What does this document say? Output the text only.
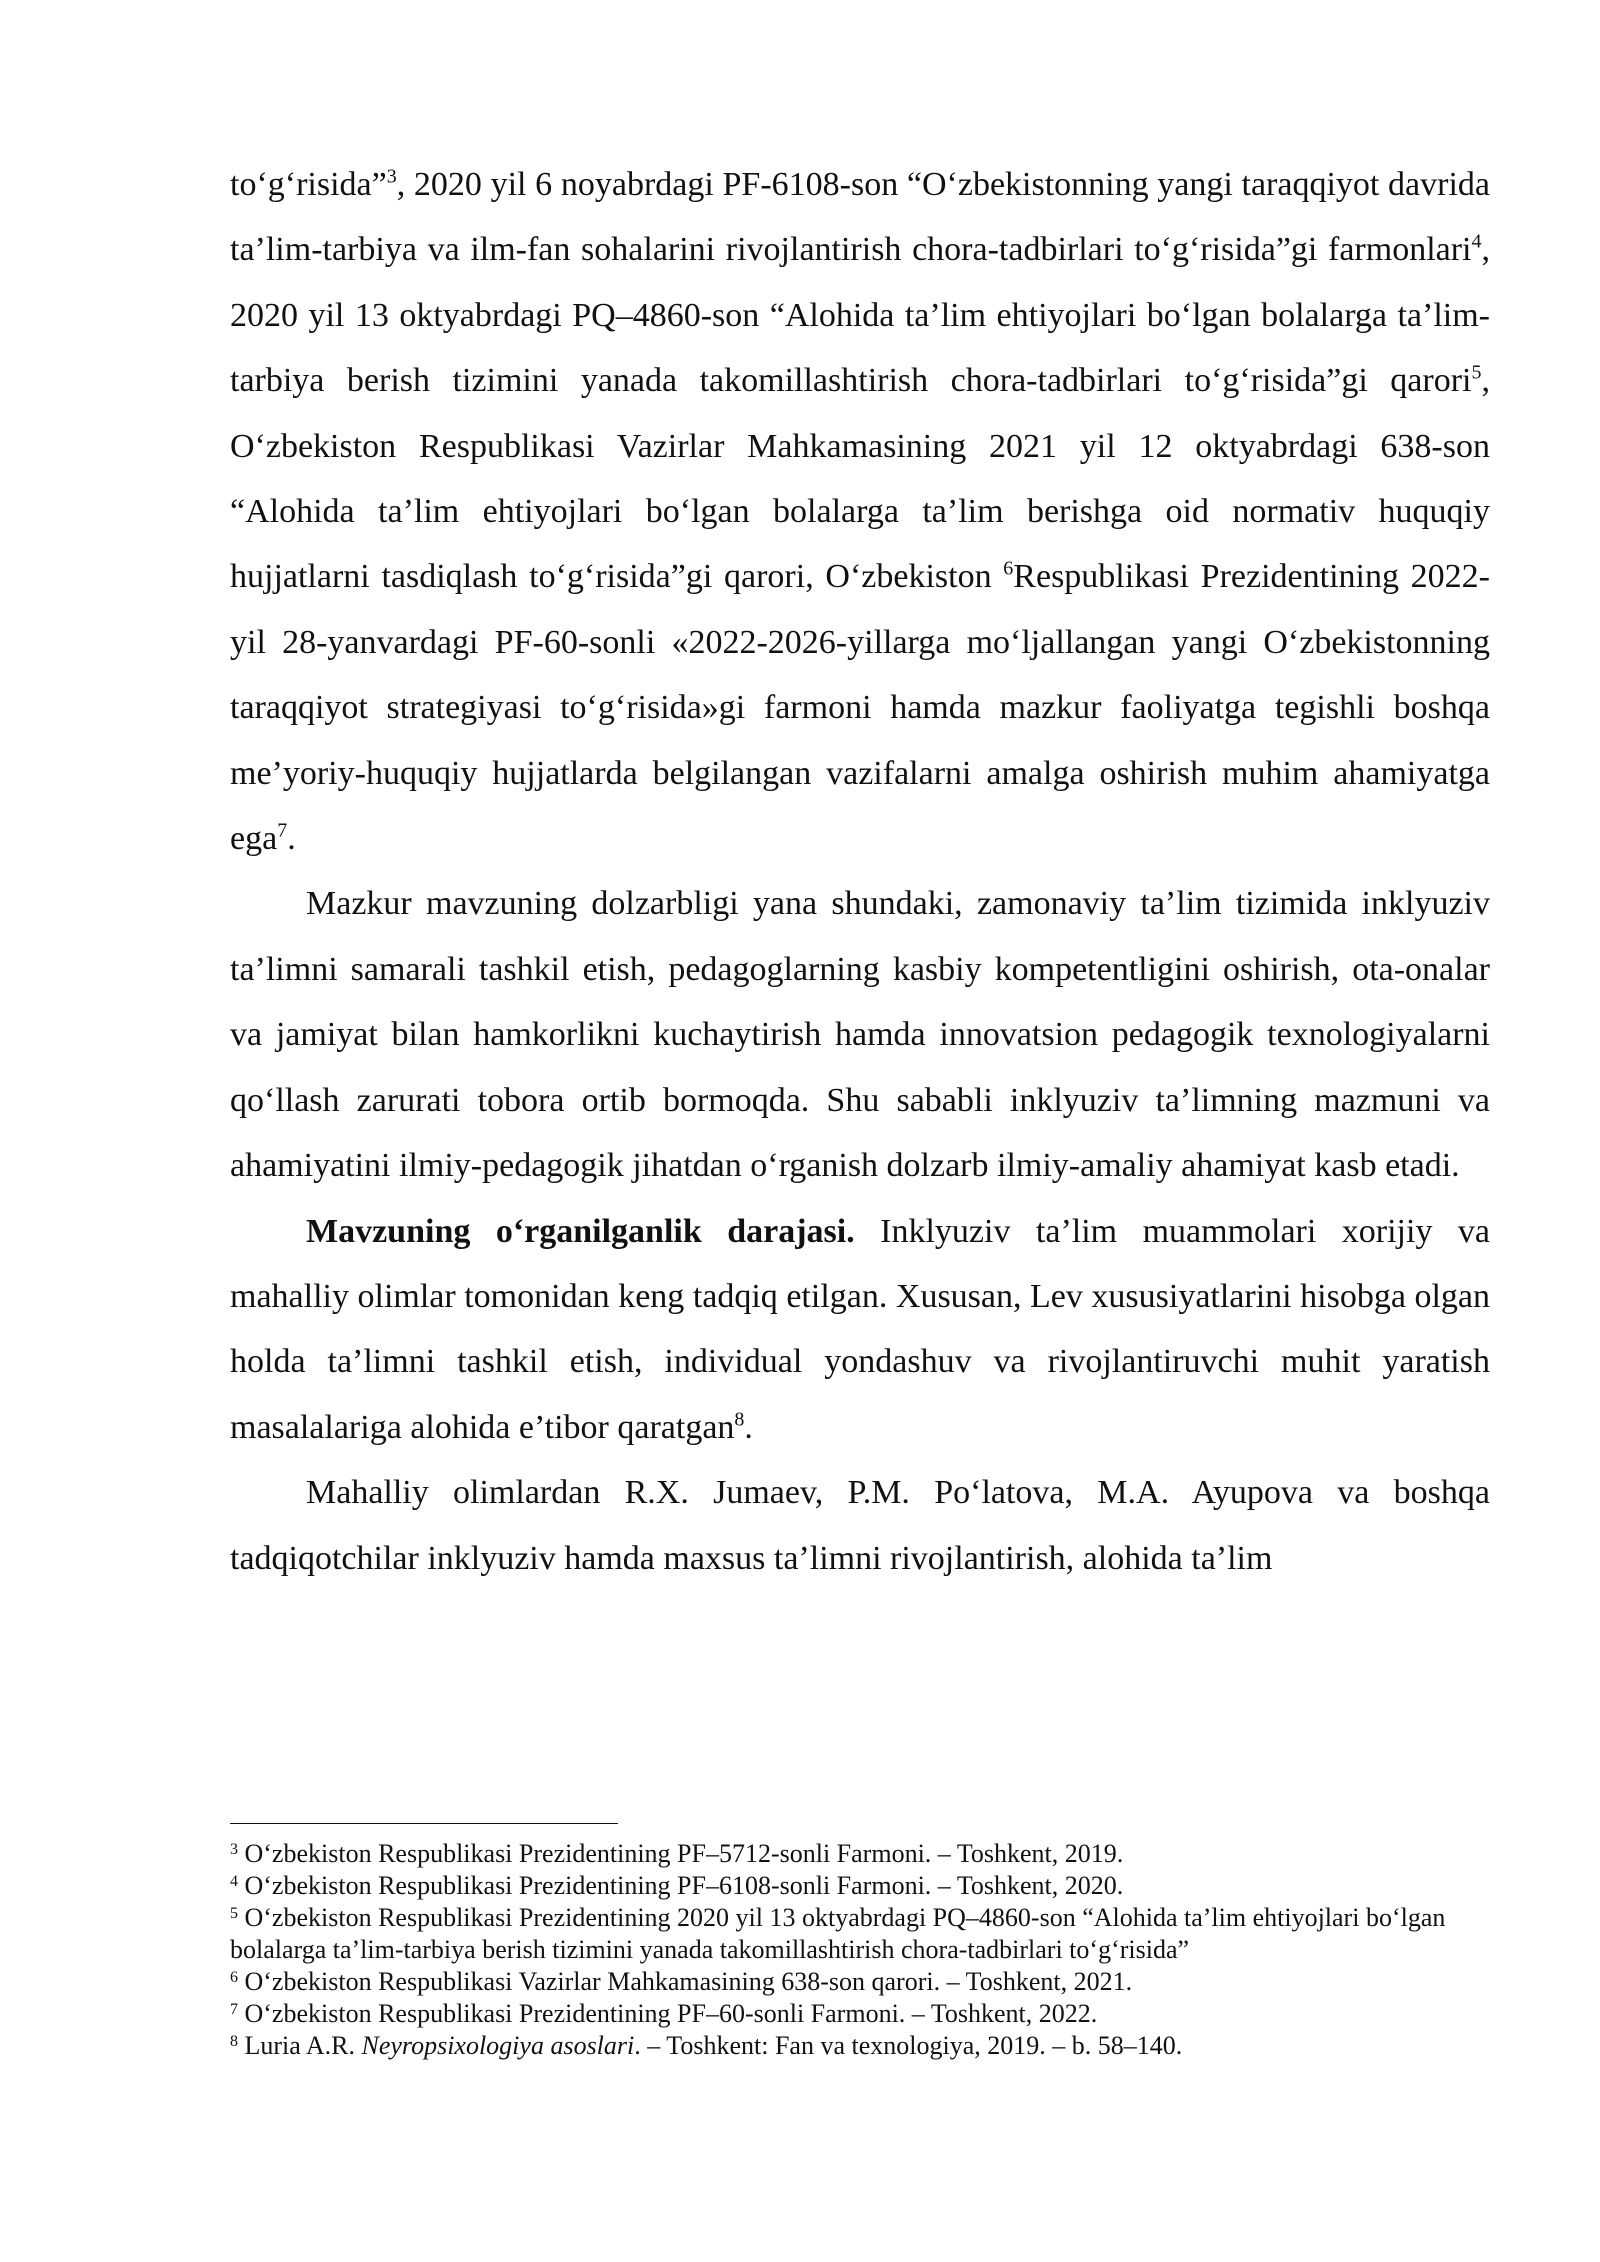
to‘g‘risida”$^3$, 2020 yil 6 noyabrdagi PF-6108-son “O‘zbekistonning yangi taraqqiyot davrida ta’lim-tarbiya va ilm-fan sohalarini rivojlantirish chora-tadbirlari to‘g‘risida”gi farmonlari$^4$, 2020 yil 13 oktyabrdagi PQ–4860-son “Alohida ta’lim ehtiyojlari bo‘lgan bolalarga ta’lim-tarbiya berish tizimini yanada takomillashtirish chora-tadbirlari to‘g‘risida”gi qarori$^5$, O‘zbekiston Respublikasi Vazirlar Mahkamasining 2021 yil 12 oktyabrdagi 638-son “Alohida ta’lim ehtiyojlari bo‘lgan bolalarga ta’lim berishga oid normativ huquqiy hujjatlarni tasdiqlash to‘g‘risida”gi qarori, O‘zbekiston $^6$Respublikasi Prezidentining 2022-yil 28-yanvardagi PF-60-sonli «2022-2026-yillarga mo‘ljallangan yangi O‘zbekistonning taraqqiyot strategiyasi to‘g‘risida»gi farmoni hamda mazkur faoliyatga tegishli boshqa me’yoriy-huquqiy hujjatlarda belgilangan vazifalarni amalga oshirish muhim ahamiyatga ega$^7$.

Mazkur mavzuning dolzarbligi yana shundaki, zamonaviy ta’lim tizimida inklyuziv ta’limni samarali tashkil etish, pedagoglarning kasbiy kompetentligini oshirish, ota-onalar va jamiyat bilan hamkorlikni kuchaytirish hamda innovatsion pedagogik texnologiyalarni qo‘llash zarurati tobora ortib bormoqda. Shu sababli inklyuziv ta’limning mazmuni va ahamiyatini ilmiy-pedagogik jihatdan o‘rganish dolzarb ilmiy-amaliy ahamiyat kasb etadi.

Mavzuning o‘rganilganlik darajasi. Inklyuziv ta’lim muammolari xorijiy va mahalliy olimlar tomonidan keng tadqiq etilgan. Xususan, Lev xususiyatlarini hisobga olgan holda ta’limni tashkil etish, individual yondashuv va rivojlantiruvchi muhit yaratish masalalariga alohida e’tibor qaratgan$^8$.

Mahalliy olimlardan R.X. Jumaev, P.M. Po‘latova, M.A. Ayupova va boshqa tadqiqotchilar inklyuziv hamda maxsus ta’limni rivojlantirish, alohida ta’lim

$^3$ O‘zbekiston Respublikasi Prezidentining PF–5712-sonli Farmoni. – Toshkent, 2019.

$^4$ O‘zbekiston Respublikasi Prezidentining PF–6108-sonli Farmoni. – Toshkent, 2020.

$^5$ O‘zbekiston Respublikasi Prezidentining 2020 yil 13 oktyabrdagi PQ–4860-son “Alohida ta’lim ehtiyojlari bo‘lgan bolalarga ta’lim-tarbiya berish tizimini yanada takomillashtirish chora-tadbirlari to‘g‘risida”

$^6$ O‘zbekiston Respublikasi Vazirlar Mahkamasining 638-son qarori. – Toshkent, 2021.

$^7$ O‘zbekiston Respublikasi Prezidentining PF–60-sonli Farmoni. – Toshkent, 2022.

$^8$ Luria A.R. Neyropsixologiya asoslari. – Toshkent: Fan va texnologiya, 2019. – b. 58–140.
